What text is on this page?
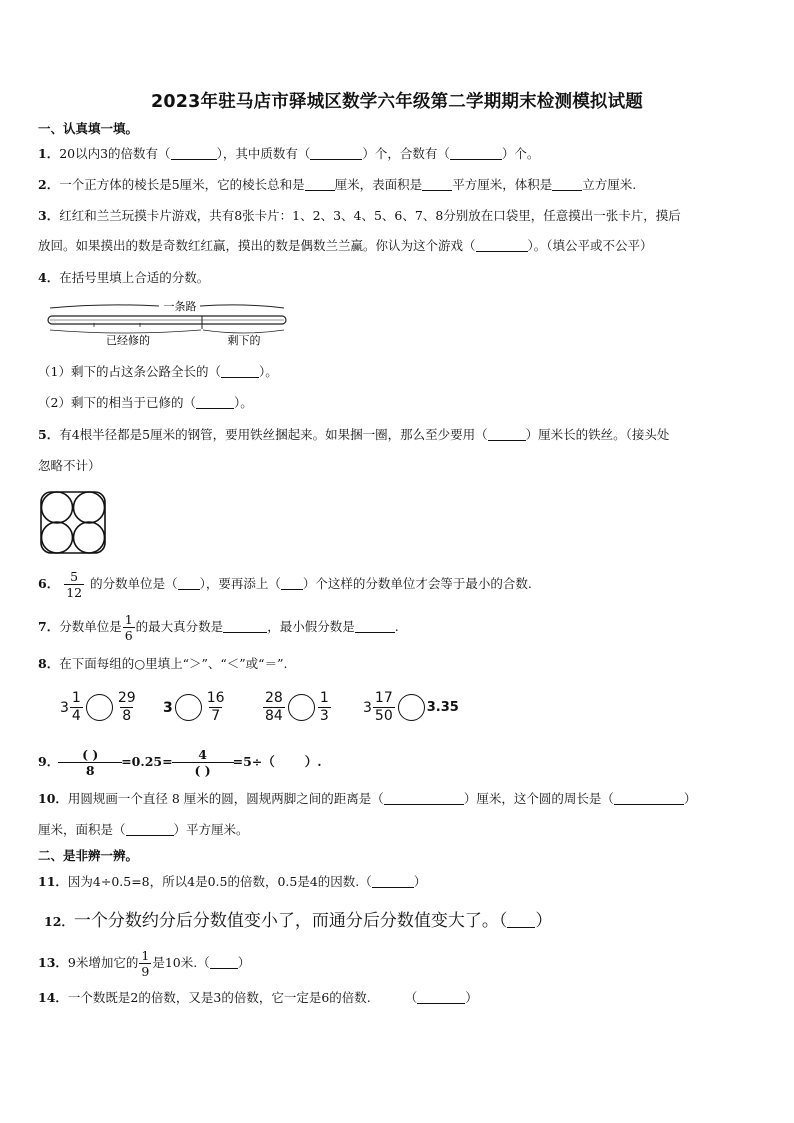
2023年驻马店市驿城区数学六年级第二学期期末检测模拟试题
一、认真填一填。
1．20以内3的倍数有（	），其中质数有（	）个，合数有（	）个。
2．一个正方体的棱长是5厘米，它的棱长总和是 厘米，表面积是 平方厘米，体积是 立方厘米.
3．红红和兰兰玩摸卡片游戏，共有8张卡片：1、2、3、4、5、6、7、8分别放在口袋里，任意摸出一张卡片，摸后
放回。如果摸出的数是奇数红红赢，摸出的数是偶数兰兰赢。你认为这个游戏（	）。（填公平或不公平）
4．在括号里填上合适的分数。
一条路
已经修的	剩下的
（1）剩下的占这条公路全长的（	）。
（2）剩下的相当于已修的（	）。
5．有4根半径都是5厘米的钢管，要用铁丝捆起来。如果捆一圈，那么至少要用（	）厘米长的铁丝。（接头处
忽略不计）
6． $\frac{5}{12}$ 的分数单位是（ ），要再添上（ ）个这样的分数单位才会等于最小的合数.
7．分数单位是 $\frac{1}{6}$ 的最大真分数是	，最小假分数是	.
8．在下面每组的○里填上“＞”、“＜”或“＝”.
$3 \frac{1}{4} \frac{29}{8} 3 \frac{16}{7}$	$\frac{28}{84} \frac{1}{3} 3 \frac{17}{50} 3.35$
9． $\frac{( )}{8} =0.25= \frac{4}{( )} =5\div$（ ）.
10．用圆规画一个直径 8 厘米的圆，圆规两脚之间的距离是（	）厘米，这个圆的周长是（	）
厘米，面积是（	）平方厘米。
二、是非辨一辨。
11．因为4÷0.5=8，所以4是0.5的倍数，0.5是4的因数.（	）
12．一个分数约分后分数值变小了，而通分后分数值变大了。（ ）
13．9米增加它的 $\frac{1}{9}$ 是10米.（ ）
14．一个数既是2的倍数，又是3的倍数，它一定是6的倍数.	（	）
